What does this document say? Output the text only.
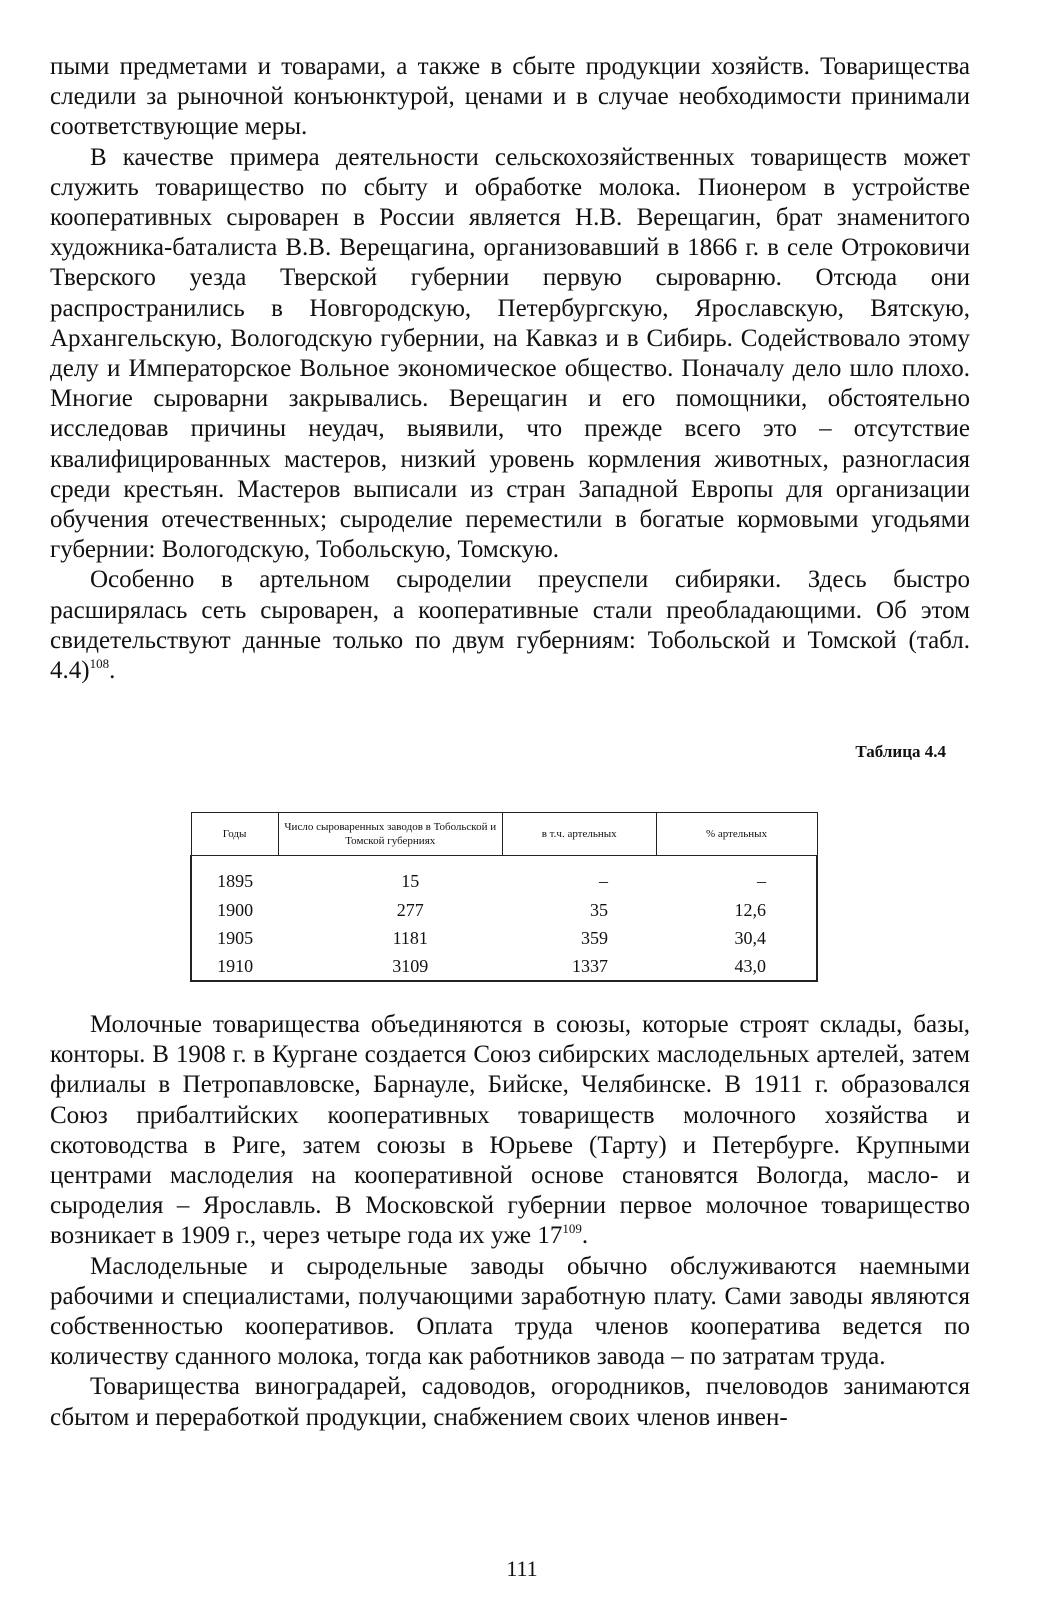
пыми предметами и товарами, а также в сбыте продукции хозяйств. Товарищества следили за рыночной конъюнктурой, ценами и в случае необходимости принимали соответствующие меры.

В качестве примера деятельности сельскохозяйственных товариществ может служить товарищество по сбыту и обработке молока. Пионером в устройстве кооперативных сыроварен в России является Н.В. Верещагин, брат знаменитого художника-баталиста В.В. Верещагина, организовавший в 1866 г. в селе Отроковичи Тверского уезда Тверской губернии первую сыроварню. Отсюда они распространились в Новгородскую, Петербургскую, Ярославскую, Вятскую, Архангельскую, Вологодскую губернии, на Кавказ и в Сибирь. Содействовало этому делу и Императорское Вольное экономическое общество. Поначалу дело шло плохо. Многие сыроварни закрывались. Верещагин и его помощники, обстоятельно исследовав причины неудач, выявили, что прежде всего это – отсутствие квалифицированных мастеров, низкий уровень кормления животных, разногласия среди крестьян. Мастеров выписали из стран Западной Европы для организации обучения отечественных; сыроделие переместили в богатые кормовыми угодьями губернии: Вологодскую, Тобольскую, Томскую.

Особенно в артельном сыроделии преуспели сибиряки. Здесь быстро расширялась сеть сыроварен, а кооперативные стали преобладающими. Об этом свидетельствуют данные только по двум губерниям: Тобольской и Томской (табл. 4.4)$^{108}$.

Таблица 4.4
Годы	Число сыроваренных заводов в Тобольской и Томской губерниях	в т.ч. артельных	% артельных
1895	15	–	–
1900	277	35	12,6
1905	1181	359	30,4
1910	3109	1337	43,0

Молочные товарищества объединяются в союзы, которые строят склады, базы, конторы. В 1908 г. в Кургане создается Союз сибирских маслодельных артелей, затем филиалы в Петропавловске, Барнауле, Бийске, Челябинске. В 1911 г. образовался Союз прибалтийских кооперативных товариществ молочного хозяйства и скотоводства в Риге, затем союзы в Юрьеве (Тарту) и Петербурге. Крупными центрами маслоделия на кооперативной основе становятся Вологда, масло- и сыроделия – Ярославль. В Московской губернии первое молочное товарищество возникает в 1909 г., через четыре года их уже $17^{109}$.

Маслодельные и сыродельные заводы обычно обслуживаются наемными рабочими и специалистами, получающими заработную плату. Сами заводы являются собственностью кооперативов. Оплата труда членов кооператива ведется по количеству сданного молока, тогда как работников завода – по затратам труда.

Товарищества виноградарей, садоводов, огородников, пчеловодов занимаются сбытом и переработкой продукции, снабжением своих членов инвен-

111
